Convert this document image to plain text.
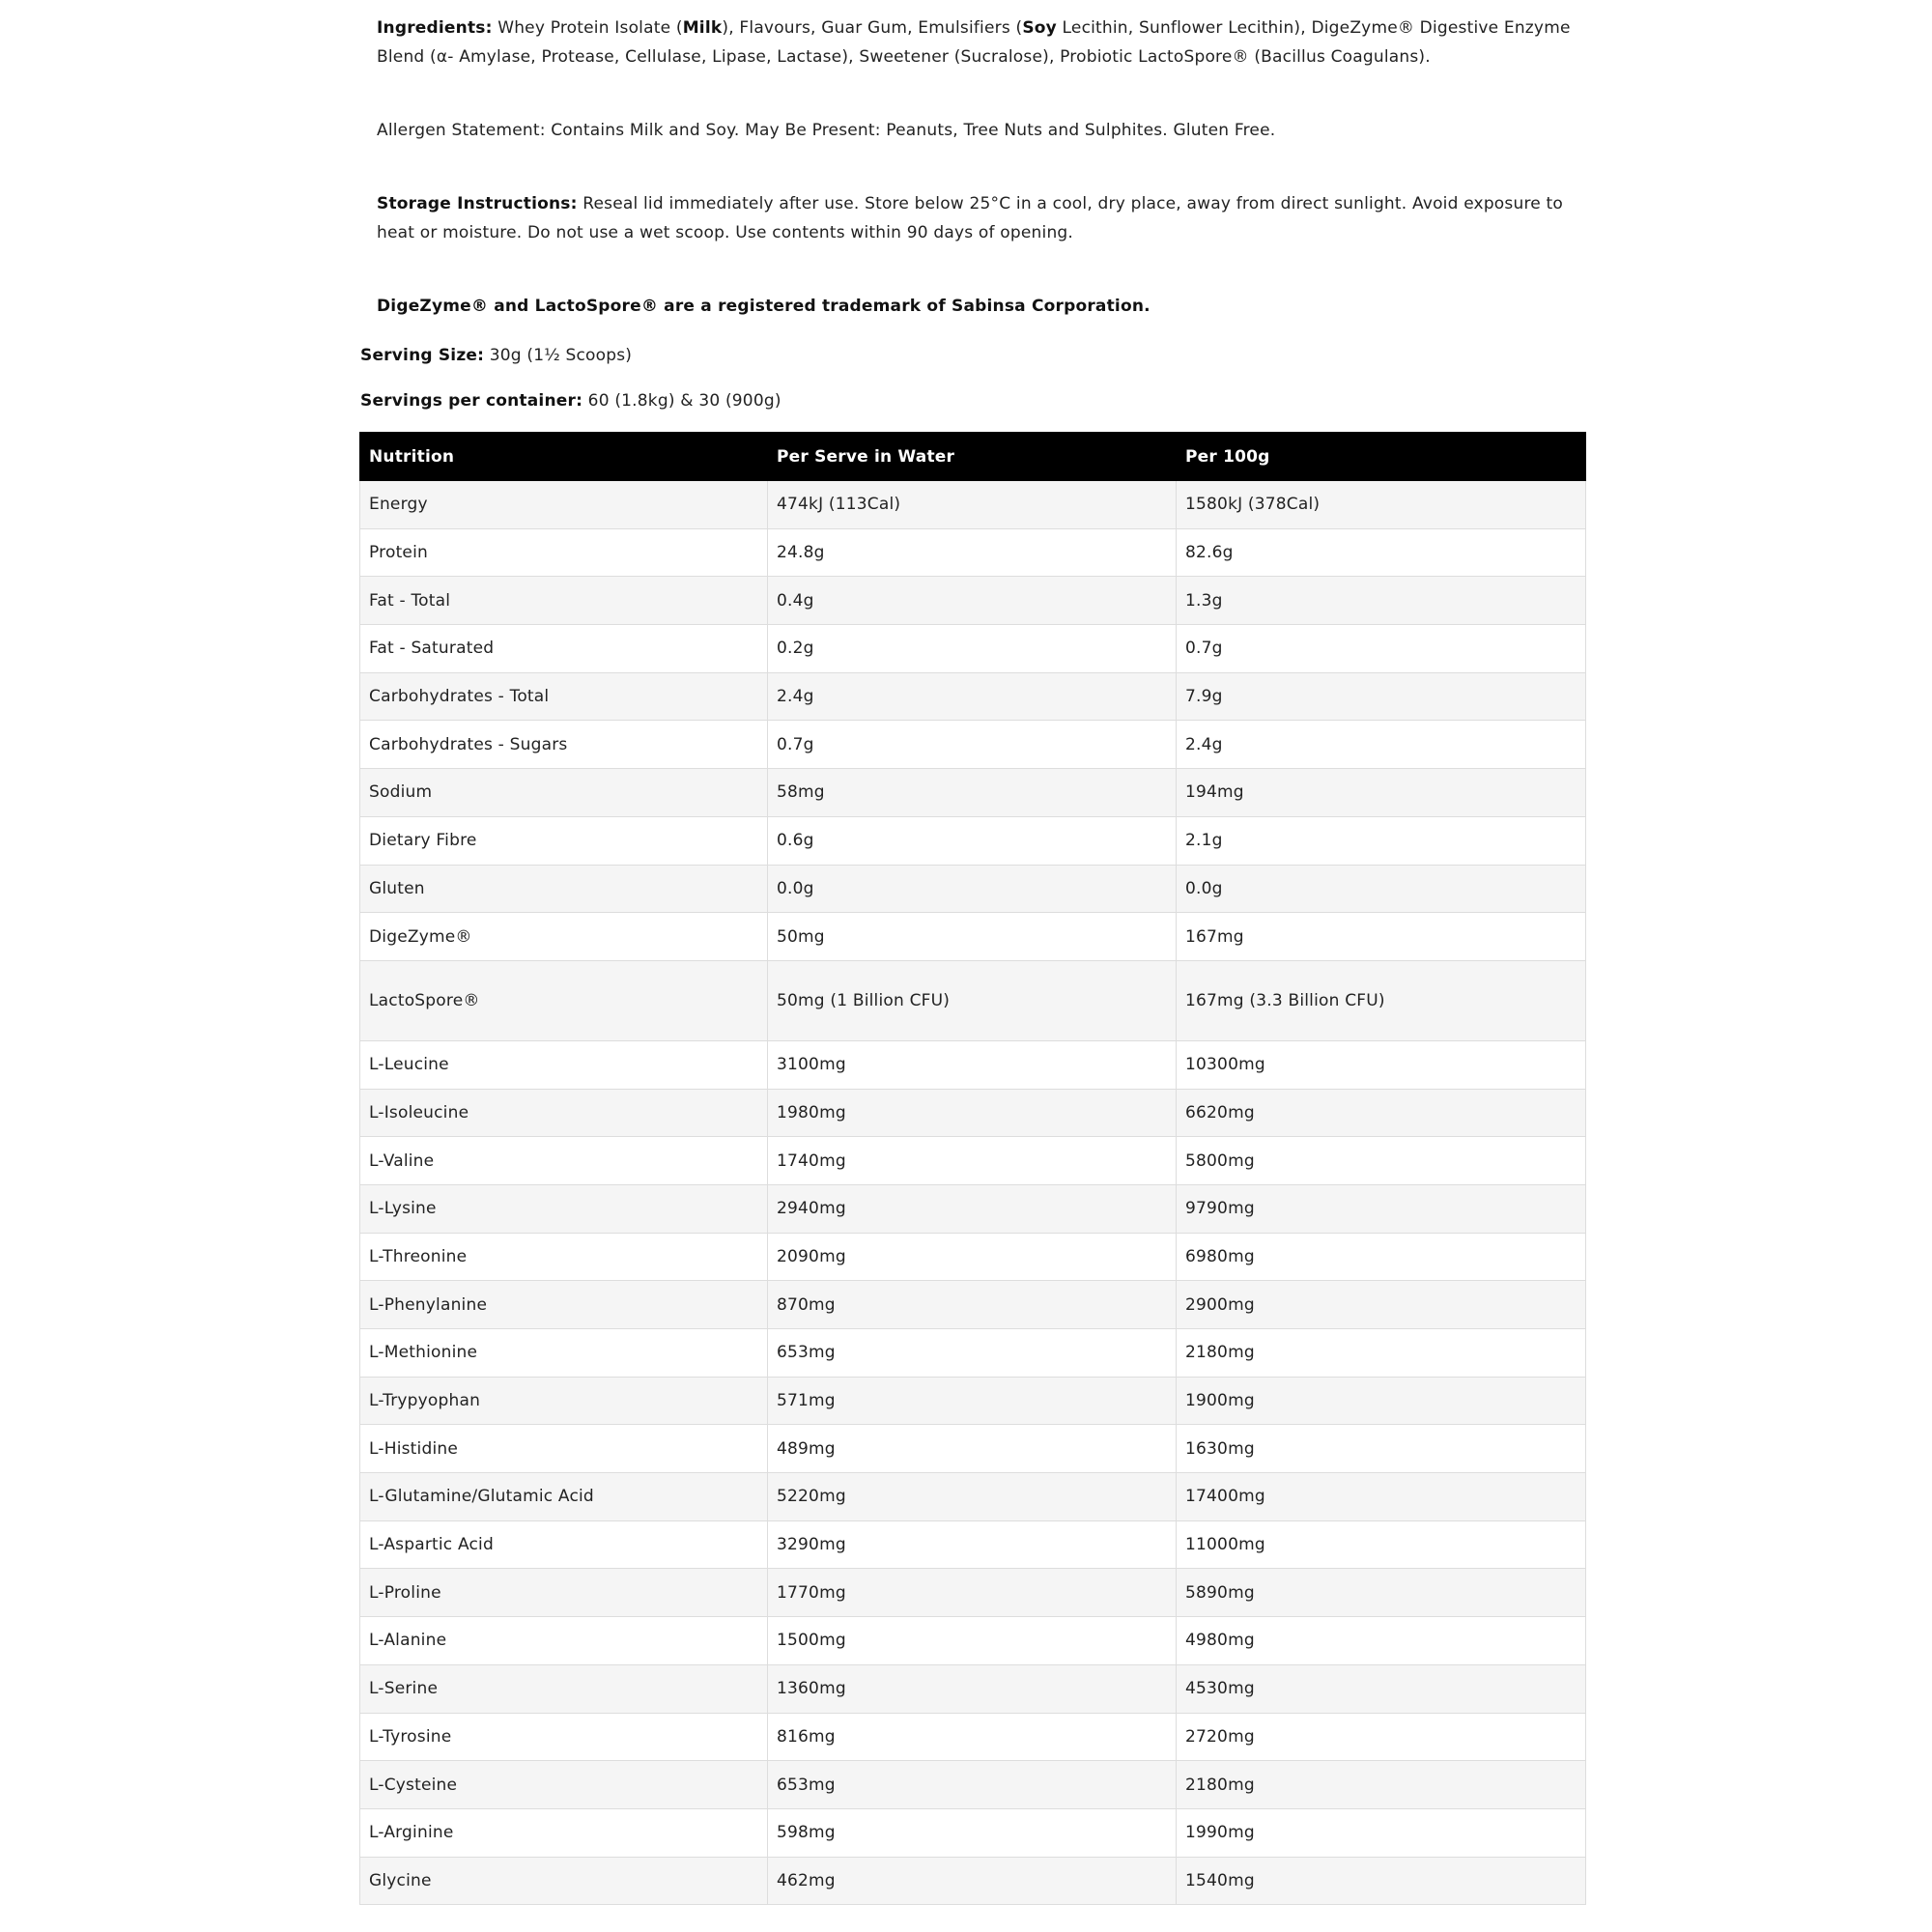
Ingredients: Whey Protein Isolate (Milk), Flavours, Guar Gum, Emulsifiers (Soy Lecithin, Sunflower Lecithin), DigeZyme® Digestive Enzyme Blend (α- Amylase, Protease, Cellulase, Lipase, Lactase), Sweetener (Sucralose), Probiotic LactoSpore® (Bacillus Coagulans).
Allergen Statement: Contains Milk and Soy. May Be Present: Peanuts, Tree Nuts and Sulphites. Gluten Free.
Storage Instructions: Reseal lid immediately after use. Store below 25°C in a cool, dry place, away from direct sunlight. Avoid exposure to heat or moisture. Do not use a wet scoop. Use contents within 90 days of opening.
DigeZyme® and LactoSpore® are a registered trademark of Sabinsa Corporation.
Serving Size: 30g (1½ Scoops)
Servings per container: 60 (1.8kg) & 30 (900g)
Nutrition	Per Serve in Water	Per 100g
Energy	474kJ (113Cal)	1580kJ (378Cal)
Protein	24.8g	82.6g
Fat - Total	0.4g	1.3g
Fat - Saturated	0.2g	0.7g
Carbohydrates - Total	2.4g	7.9g
Carbohydrates - Sugars	0.7g	2.4g
Sodium	58mg	194mg
Dietary Fibre	0.6g	2.1g
Gluten	0.0g	0.0g
DigeZyme®	50mg	167mg
LactoSpore®	50mg (1 Billion CFU)	167mg (3.3 Billion CFU)
L-Leucine	3100mg	10300mg
L-Isoleucine	1980mg	6620mg
L-Valine	1740mg	5800mg
L-Lysine	2940mg	9790mg
L-Threonine	2090mg	6980mg
L-Phenylanine	870mg	2900mg
L-Methionine	653mg	2180mg
L-Trypyophan	571mg	1900mg
L-Histidine	489mg	1630mg
L-Glutamine/Glutamic Acid	5220mg	17400mg
L-Aspartic Acid	3290mg	11000mg
L-Proline	1770mg	5890mg
L-Alanine	1500mg	4980mg
L-Serine	1360mg	4530mg
L-Tyrosine	816mg	2720mg
L-Cysteine	653mg	2180mg
L-Arginine	598mg	1990mg
Glycine	462mg	1540mg
